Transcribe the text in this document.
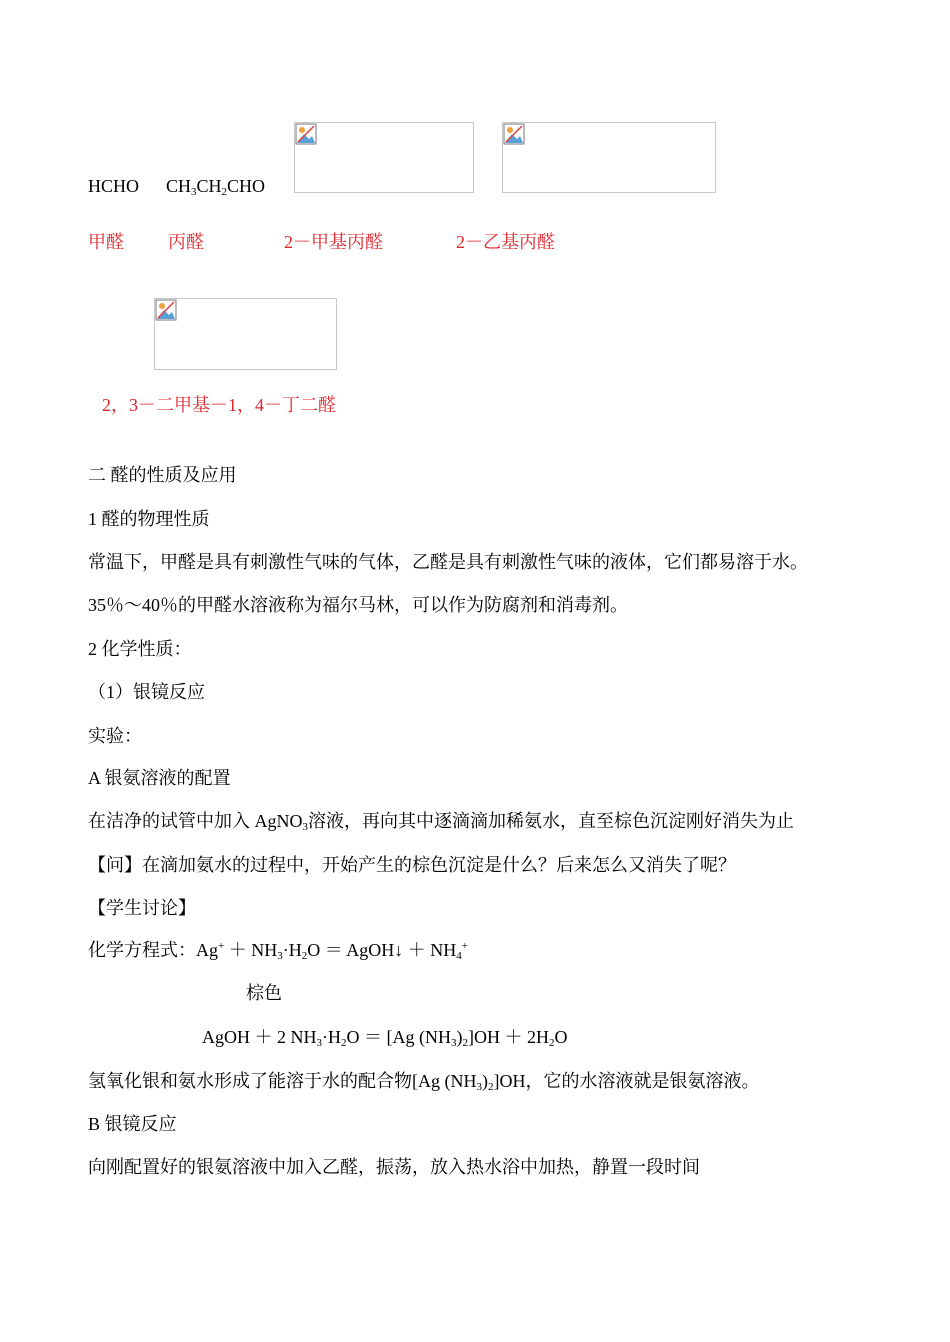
HCHO $CH_3CH_2CHO$
甲醛 丙醛	2－甲基丙醛	2－乙基丙醛
2，3－二甲基－1，4－丁二醛
二 醛的性质及应用
1 醛的物理性质
常温下，甲醛是具有刺激性气味的气体，乙醛是具有刺激性气味的液体，它们都易溶于水。
35％～40％的甲醛水溶液称为福尔马林，可以作为防腐剂和消毒剂。
2 化学性质：
（1）银镜反应
实验：
A 银氨溶液的配置
在洁净的试管中加入 AgNO$_3$溶液，再向其中逐滴滴加稀氨水，直至棕色沉淀刚好消失为止
【问】在滴加氨水的过程中，开始产生的棕色沉淀是什么？后来怎么又消失了呢？
【学生讨论】
化学方程式：$Ag^+ + NH_3\cdot H_2O$ ＝ AgOH↓ ＋ $NH_4^+$
棕色
AgOH ＋ 2 $NH_3\cdot H_2O = [Ag$ $(NH_3)_2]OH + 2H_2O$
氢氧化银和氨水形成了能溶于水的配合物[Ag $(NH_3)_2]OH$，它的水溶液就是银氨溶液。
B 银镜反应
向刚配置好的银氨溶液中加入乙醛，振荡，放入热水浴中加热，静置一段时间
